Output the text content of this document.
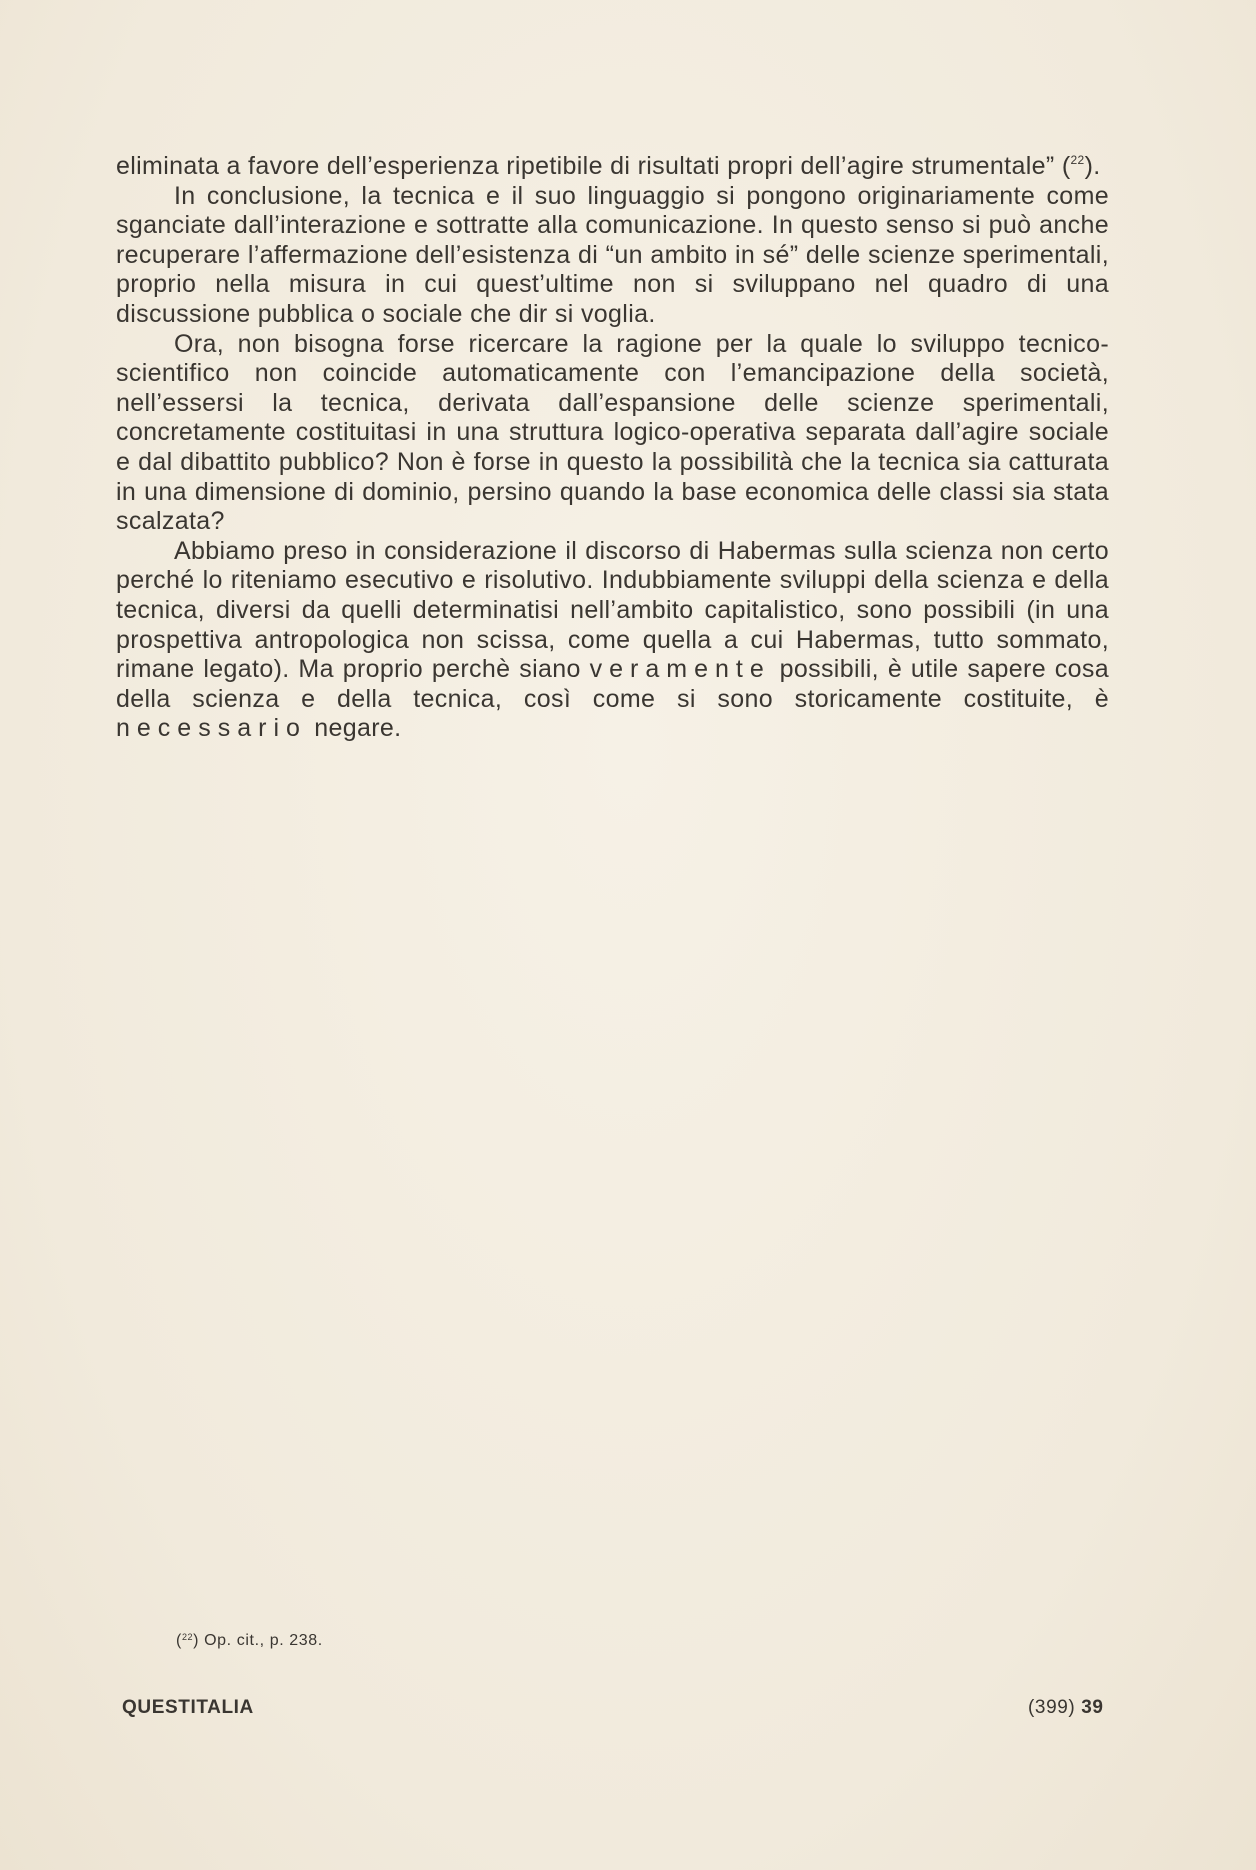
eliminata a favore dell’esperienza ripetibile di risultati propri dell’agire strumentale” ($^{22}$).

In conclusione, la tecnica e il suo linguaggio si pongono originariamente come sganciate dall’interazione e sottratte alla comunicazione. In questo senso si può anche recuperare l’affermazione dell’esistenza di “un ambito in sé” delle scienze sperimentali, proprio nella misura in cui quest’ultime non si sviluppano nel quadro di una discussione pubblica o sociale che dir si voglia.

Ora, non bisogna forse ricercare la ragione per la quale lo sviluppo tecnico-scientifico non coincide automaticamente con l’emancipazione della società, nell’essersi la tecnica, derivata dall’espansione delle scienze sperimentali, concretamente costituitasi in una struttura logico-operativa separata dall’agire sociale e dal dibattito pubblico? Non è forse in questo la possibilità che la tecnica sia catturata in una dimensione di dominio, persino quando la base economica delle classi sia stata scalzata?

Abbiamo preso in considerazione il discorso di Habermas sulla scienza non certo perché lo riteniamo esecutivo e risolutivo. Indubbiamente sviluppi della scienza e della tecnica, diversi da quelli determinatisi nell’ambito capitalistico, sono possibili (in una prospettiva antropologica non scissa, come quella a cui Habermas, tutto sommato, rimane legato). Ma proprio perchè siano veramente possibili, è utile sapere cosa della scienza e della tecnica, così come si sono storicamente costituite, è necessario negare.

($^{22}$) Op. cit., p. 238.
QUESTITALIA	(399) 39
